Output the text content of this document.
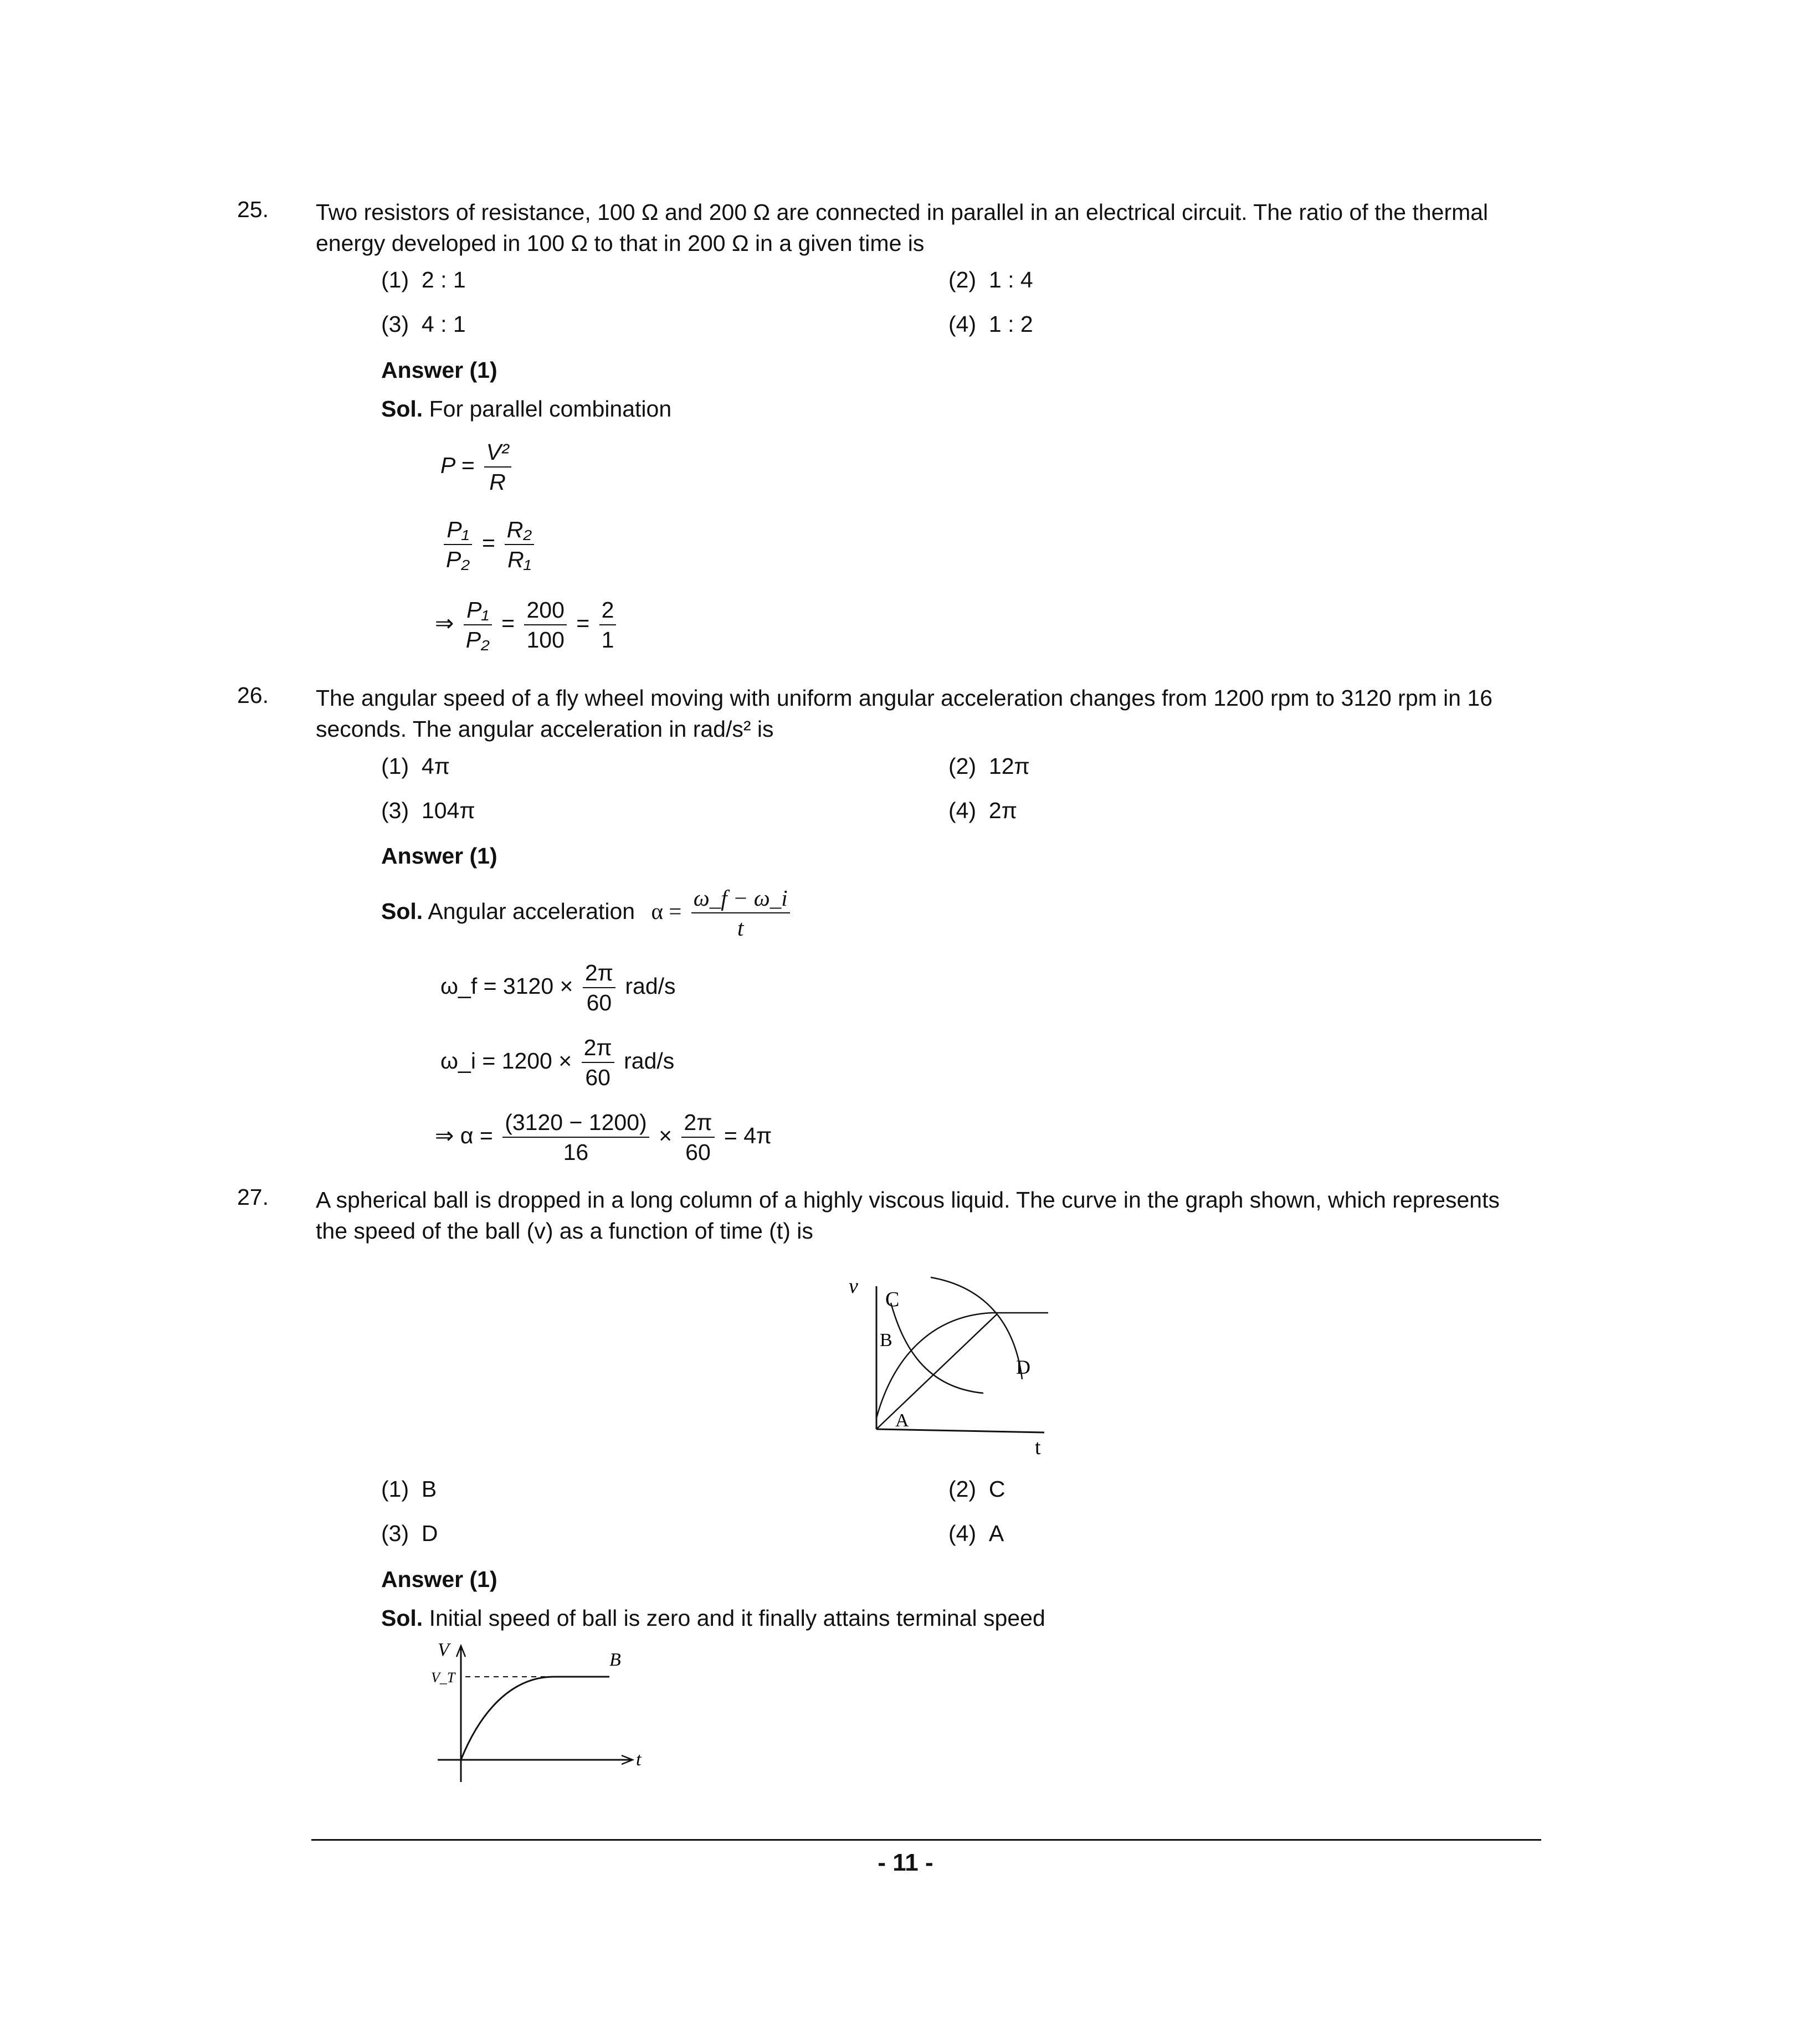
25. Two resistors of resistance, 100 Ω and 200 Ω are connected in parallel in an electrical circuit. The ratio of the thermal energy developed in 100 Ω to that in 200 Ω in a given time is
(1) 2 : 1	(2) 1 : 4
(3) 4 : 1	(4) 1 : 2
Answer (1)
Sol. For parallel combination
$P = \frac{\text{V²}}{R}$
$\frac{\text{P₁}}{\text{P₂}} = \frac{\text{R₂}}{\text{R₁}}$
⇒ $\frac{\text{P₁}}{\text{P₂}} = \frac{200}{100} = \frac{2}{1}$
26. The angular speed of a fly wheel moving with uniform angular acceleration changes from 1200 rpm to 3120 rpm in 16 seconds. The angular acceleration in rad/s² is
(1) 4π	(2) 12π
(3) 104π	(4) 2π
Answer (1)
Sol. Angular acceleration $\alpha = \frac{\omega\_f - \omega\_i}{t}$
ω_f = $3120 \times \frac{2\pi}{60} rad/s$
ω_i = $1200 \times \frac{2\pi}{60} rad/s$
⇒ $\alpha = \frac{(3120 - 1200)}{16} \times \frac{2\pi}{60} = 4\pi$
27. A spherical ball is dropped in a long column of a highly viscous liquid. The curve in the graph shown, which represents the speed of the ball (v) as a function of time (t) is
v
t
A
B
C
D
(1) B	(2) C
(3) D	(4) A
Answer (1)
Sol. Initial speed of ball is zero and it finally attains terminal speed
V
t
V_T
B
- 11 -
